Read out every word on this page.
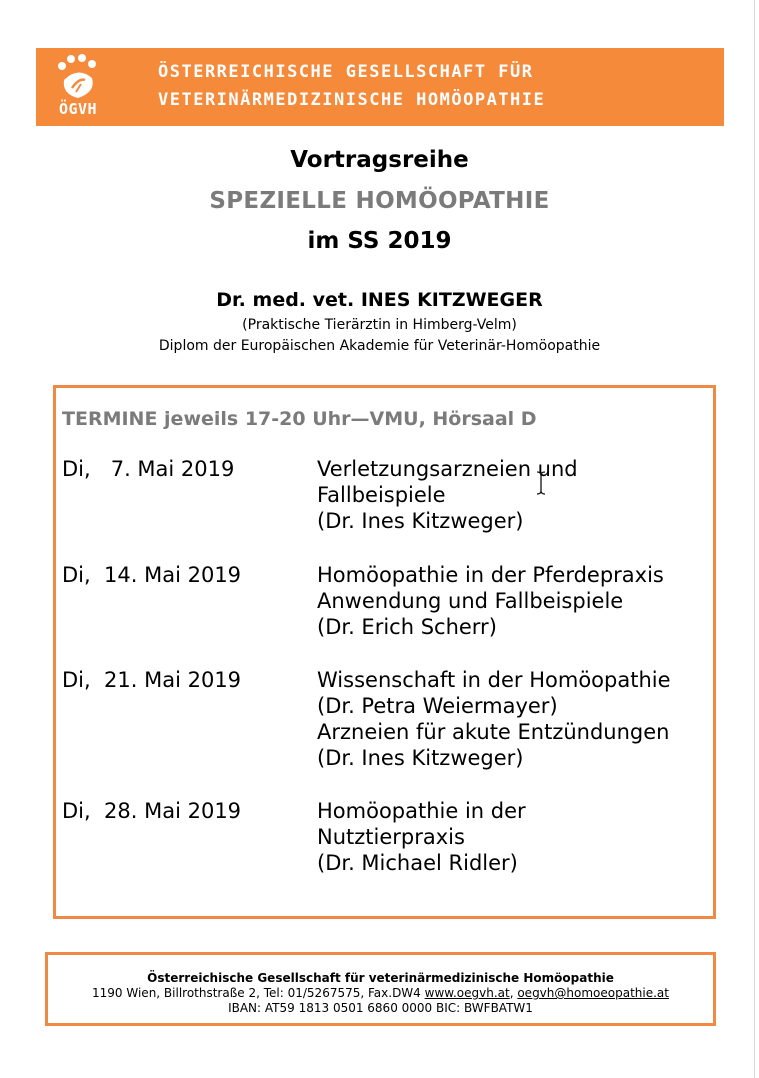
ÖGVH
ÖSTERREICHISCHE GESELLSCHAFT FÜR
VETERINÄRMEDIZINISCHE HOMÖOPATHIE
Vortragsreihe
SPEZIELLE HOMÖOPATHIE
im SS 2019
Dr. med. vet. INES KITZWEGER
(Praktische Tierärztin in Himberg-Velm)
Diplom der Europäischen Akademie für Veterinär-Homöopathie
TERMINE jeweils 17-20 Uhr—VMU, Hörsaal D
Di,   7. Mai 2019	Verletzungsarzneien und
Fallbeispiele
(Dr. Ines Kitzweger)
Di,  14. Mai 2019	Homöopathie in der Pferdepraxis
Anwendung und Fallbeispiele
(Dr. Erich Scherr)
Di,  21. Mai 2019	Wissenschaft in der Homöopathie
(Dr. Petra Weiermayer)
Arzneien für akute Entzündungen
(Dr. Ines Kitzweger)
Di,  28. Mai 2019	Homöopathie in der
Nutztierpraxis
(Dr. Michael Ridler)
Österreichische Gesellschaft für veterinärmedizinische Homöopathie
1190 Wien, Billrothstraße 2, Tel: 01/5267575, Fax.DW4 www.oegvh.at, oegvh@homoeopathie.at
IBAN: AT59 1813 0501 6860 0000 BIC: BWFBATW1
